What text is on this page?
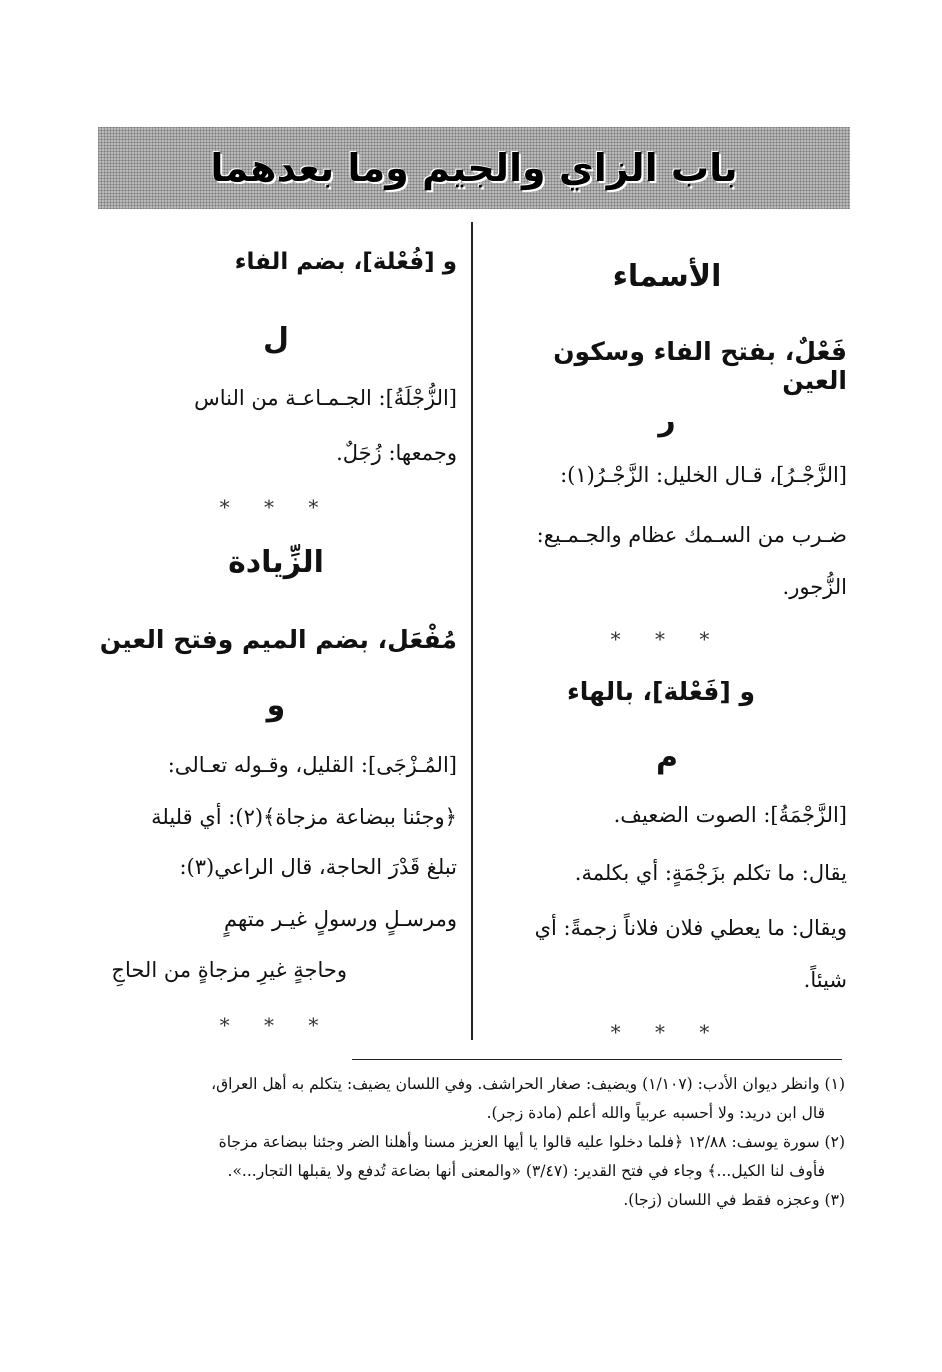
باب الزاي والجيم وما بعدهما
الأسماء
فَعْلٌ، بفتح الفاء وسكون العين
ر
[الزَّجْـرُ]، قـال الخليل: الزَّجْـرُ(١):
ضـرب من السـمك عظام والجـمـيع:
الزُّجور.
* * *
و [فَعْلة]، بالهاء
م
[الزَّجْمَةُ]: الصوت الضعيف.
يقال: ما تكلم بزَجْمَةٍ: أي بكلمة.
ويقال: ما يعطي فلان فلاناً زجمةً: أي
شيئاً.
* * *
و [فُعْلة]، بضم الفاء
ل
[الزُّجْلَةُ]: الجـمـاعـة من الناس
وجمعها: زُجَلٌ.
* * *
الزِّيادة
مُفْعَل، بضم الميم وفتح العين
و
[المُـزْجَى]: القليل، وقـوله تعـالى:
﴿وجئنا ببضاعة مزجاة﴾(٢): أي قليلة
تبلغ قَدْرَ الحاجة، قال الراعي(٣):
ومرسـلٍ ورسولٍ غيـر متهمٍ
وحاجةٍ غيرِ مزجاةٍ من الحاجِ
* * *
(١) وانظر ديوان الأدب: (١/١٠٧) ويضيف: صغار الحراشف. وفي اللسان يضيف: يتكلم به أهل العراق،
قال ابن دريد: ولا أحسبه عربياً والله أعلم (مادة زجر).
(٢) سورة يوسف: ١٢/٨٨ ﴿فلما دخلوا عليه قالوا يا أيها العزيز مسنا وأهلنا الضر وجئنا ببضاعة مزجاة
فأوف لنا الكيل...﴾ وجاء في فتح القدير: (٣/٤٧) «والمعنى أنها بضاعة تُدفع ولا يقبلها التجار...».
(٣) وعجزه فقط في اللسان (زجا).
